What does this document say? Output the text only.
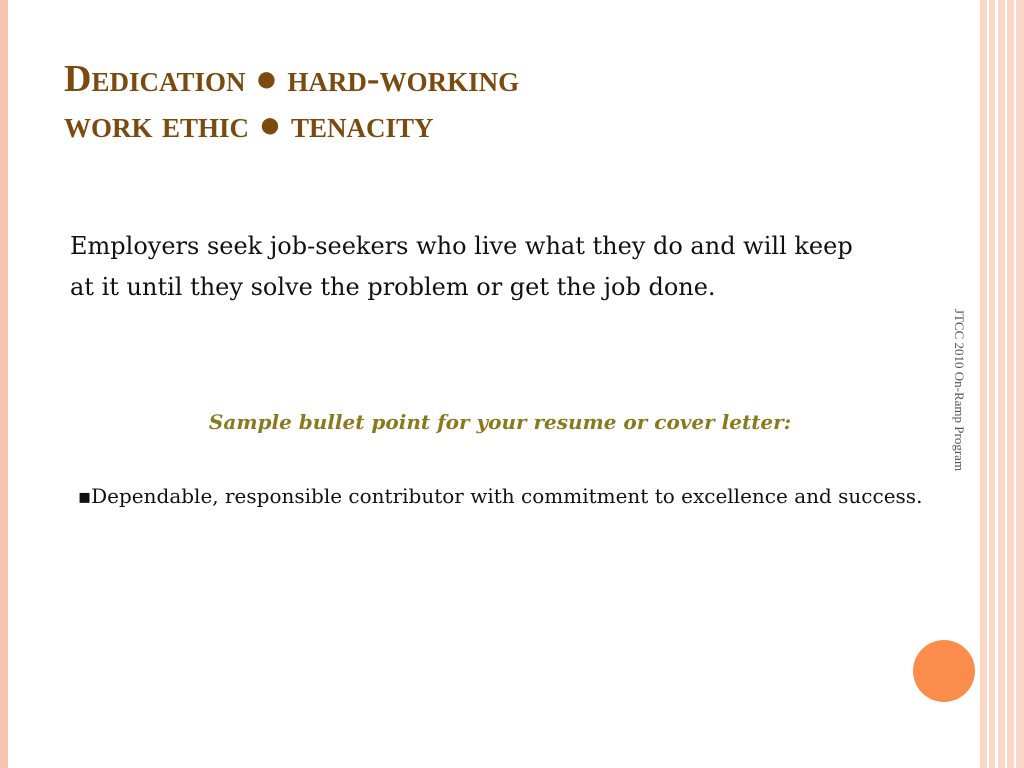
JTCC 2010 On-Ramp Program
Dedication ● hard-working
work ethic ● tenacity

Employers seek job-seekers who live what they do and will keep at it until they solve the problem or get the job done.

Sample bullet point for your resume or cover letter:

▪Dependable, responsible contributor with commitment to excellence and success.
